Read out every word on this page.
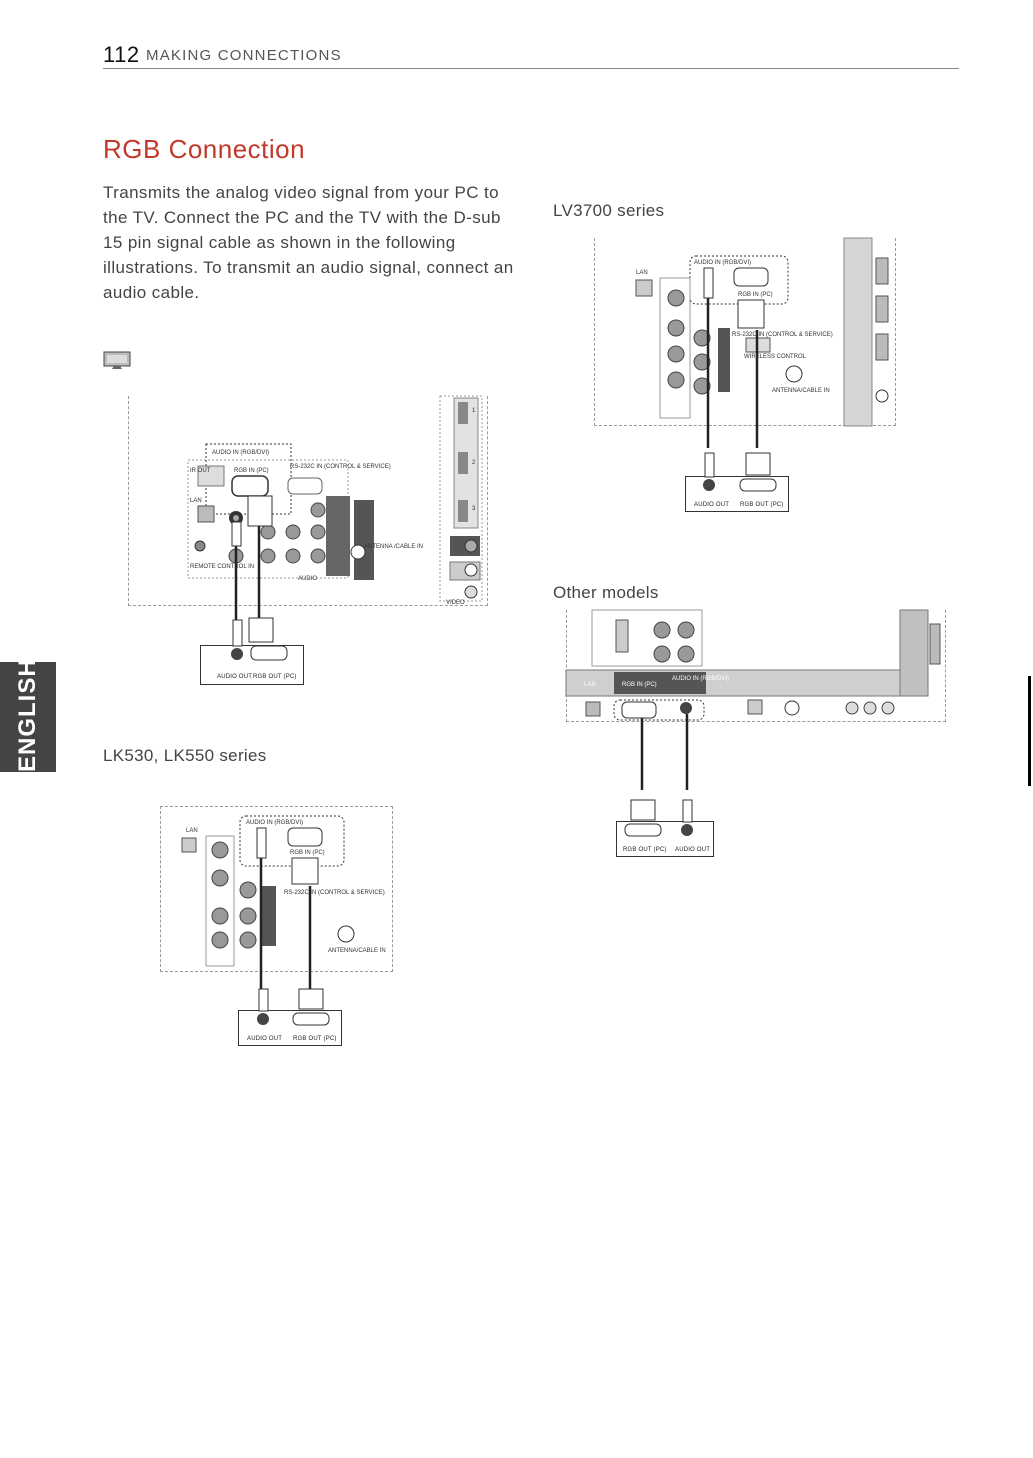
112 MAKING CONNECTIONS
RGB Connection

Transmits the analog video signal from your PC to the TV. Connect the PC and the TV with the D-sub 15 pin signal cable as shown in the following illustrations. To transmit an audio signal, connect an audio cable.

ENGLISH
AUDIO IN (RGB/DVI)
RGB IN (PC)
RS-232C IN (CONTROL & SERVICE)
ANTENNA /CABLE IN
IR OUT
REMOTE CONTROL IN
LAN
AUDIO
VIDEO
1
2
3
AUDIO OUT RGB OUT (PC)
LK530, LK550 series
LAN
AUDIO IN (RGB/DVI)
RGB IN (PC)
RS-232C IN (CONTROL & SERVICE)
ANTENNA/CABLE IN
AUDIO OUT RGB OUT (PC)
LV3700 series
LAN
AUDIO IN (RGB/DVI)
RGB IN (PC)
RS-232C IN (CONTROL & SERVICE)
WIRELESS CONTROL
ANTENNA/CABLE IN
AUDIO OUT RGB OUT (PC)
Other models
LAN	RGB IN (PC)
AUDIO IN (RGB/DVI)
RGB OUT (PC) AUDIO OUT
